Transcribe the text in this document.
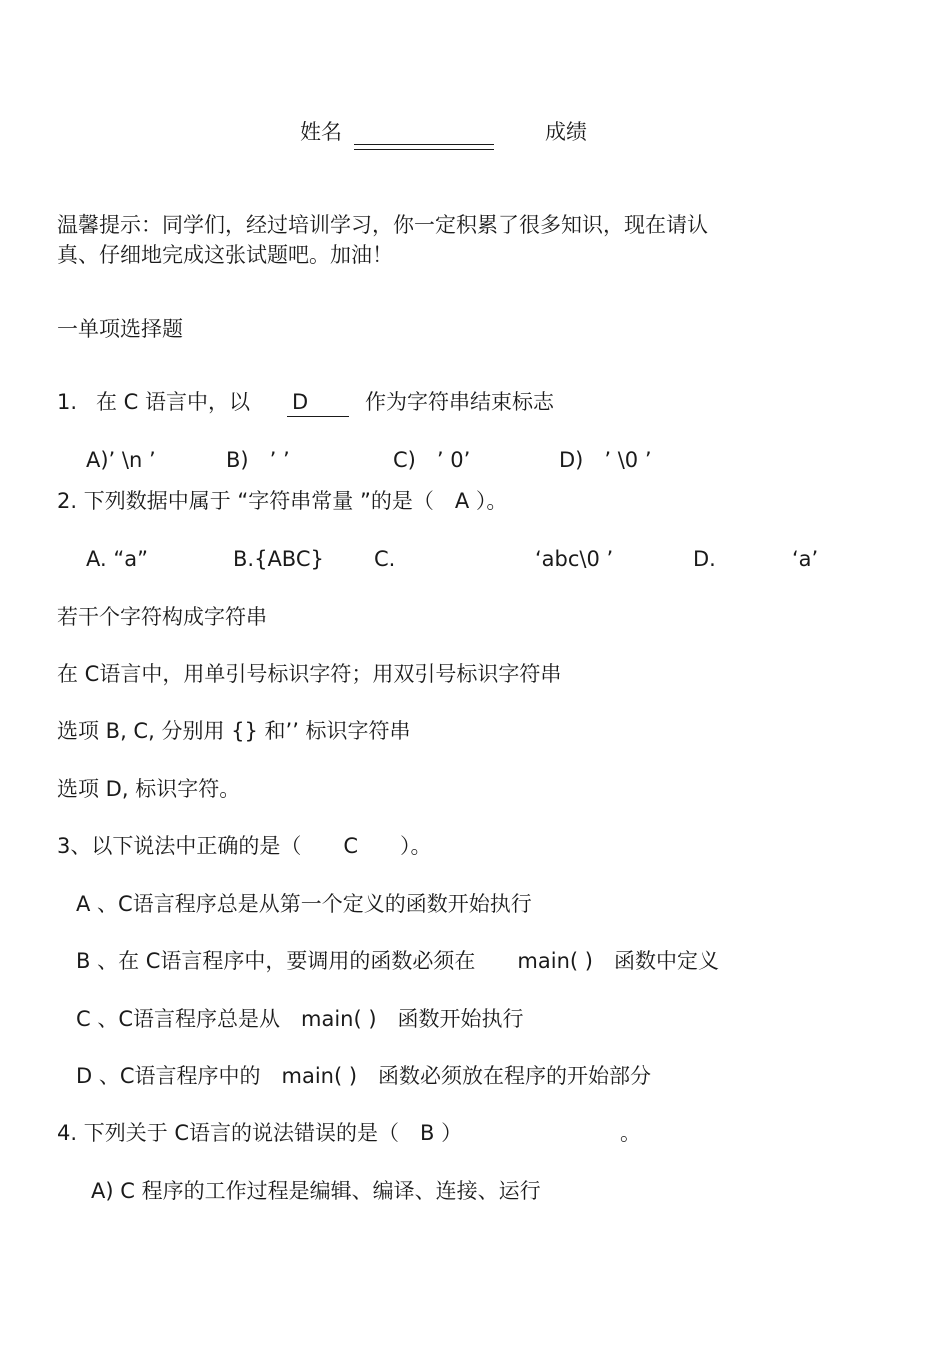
姓名	成绩
温馨提示：同学们，经过培训学习，你一定积累了很多知识，现在请认
真、仔细地完成这张试题吧。加油！
一单项选择题
1. 在 C 语言中，以 D	作为字符串结束标志
A)’ \n ’	B)　’ ’	C)　’ 0’	D)　’ \0 ’
2. 下列数据中属于 “字符串常量 ”的是（　A ）。
A. “a”	B.{ABC} C.	‘abc\0 ’	D.	‘a’
若干个字符构成字符串
在 C语言中，用单引号标识字符；用双引号标识字符串
选项 B, C, 分别用 {} 和’’ 标识字符串
选项 D, 标识字符。
3、以下说法中正确的是（　　C　　）。
A 、C语言程序总是从第一个定义的函数开始执行
B 、在 C语言程序中，要调用的函数必须在　　main( )　函数中定义
C 、C语言程序总是从　main( )　函数开始执行
D 、C语言程序中的　main( )　函数必须放在程序的开始部分
4. 下列关于 C语言的说法错误的是（　B ）	。
A) C 程序的工作过程是编辑、编译、连接、运行
